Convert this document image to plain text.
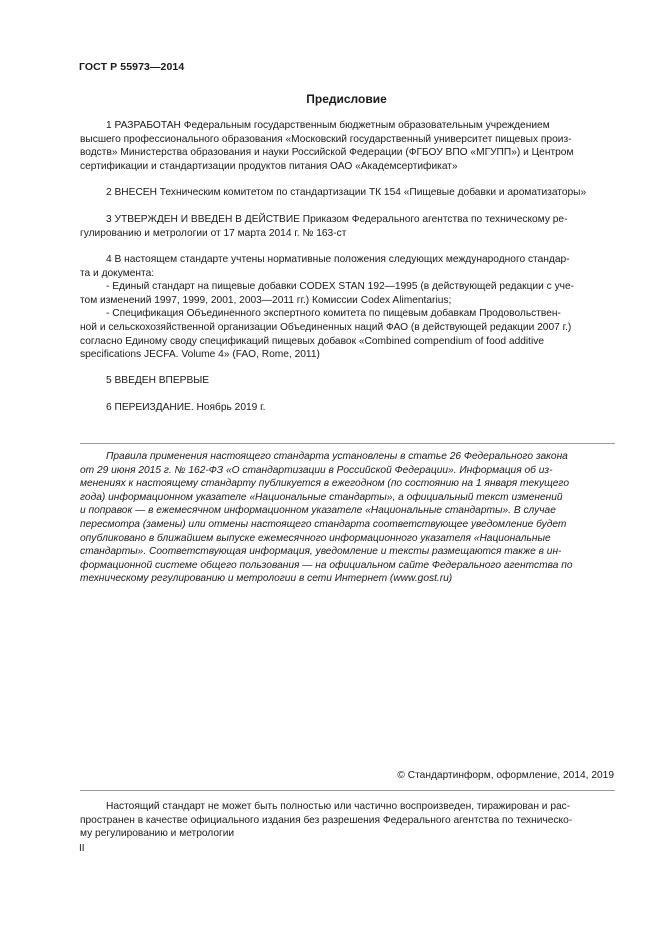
ГОСТ Р 55973—2014
Предисловие
1 РАЗРАБОТАН Федеральным государственным бюджетным образовательным учреждением
высшего профессионального образования «Московский государственный университет пищевых произ-
водств» Министерства образования и науки Российской Федерации (ФГБОУ ВПО «МГУПП») и Центром
сертификации и стандартизации продуктов питания ОАО «Академсертификат»
2 ВНЕСЕН Техническим комитетом по стандартизации ТК 154 «Пищевые добавки и ароматизаторы»
3 УТВЕРЖДЕН И ВВЕДЕН В ДЕЙСТВИЕ Приказом Федерального агентства по техническому ре-
гулированию и метрологии от 17 марта 2014 г. № 163-ст
4 В настоящем стандарте учтены нормативные положения следующих международного стандар-
та и документа:
- Единый стандарт на пищевые добавки CODEX STAN 192—1995 (в действующей редакции с уче-
том изменений 1997, 1999, 2001, 2003—2011 гг.) Комиссии Codex Alimentarius;
- Спецификация Объединенного экспертного комитета по пищевым добавкам Продовольствен-
ной и сельскохозяйственной организации Объединенных наций ФАО (в действующей редакции 2007 г.)
согласно Единому своду спецификаций пищевых добавок «Combined compendium of food additive
specifications JECFA. Volume 4» (FAO, Rome, 2011)
5 ВВЕДЕН ВПЕРВЫЕ
6 ПЕРЕИЗДАНИЕ. Ноябрь 2019 г.
Правила применения настоящего стандарта установлены в статье 26 Федерального закона
от 29 июня 2015 г. № 162-ФЗ «О стандартизации в Российской Федерации». Информация об из-
менениях к настоящему стандарту публикуется в ежегодном (по состоянию на 1 января текущего
года) информационном указателе «Национальные стандарты», а официальный текст изменений
и поправок — в ежемесячном информационном указателе «Национальные стандарты». В случае
пересмотра (замены) или отмены настоящего стандарта соответствующее уведомление будет
опубликовано в ближайшем выпуске ежемесячного информационного указателя «Национальные
стандарты». Соответствующая информация, уведомление и тексты размещаются также в ин-
формационной системе общего пользования — на официальном сайте Федерального агентства по
техническому регулированию и метрологии в сети Интернет (www.gost.ru)
© Стандартинформ, оформление, 2014, 2019
Настоящий стандарт не может быть полностью или частично воспроизведен, тиражирован и рас-
пространен в качестве официального издания без разрешения Федерального агентства по техническо-
му регулированию и метрологии
II
